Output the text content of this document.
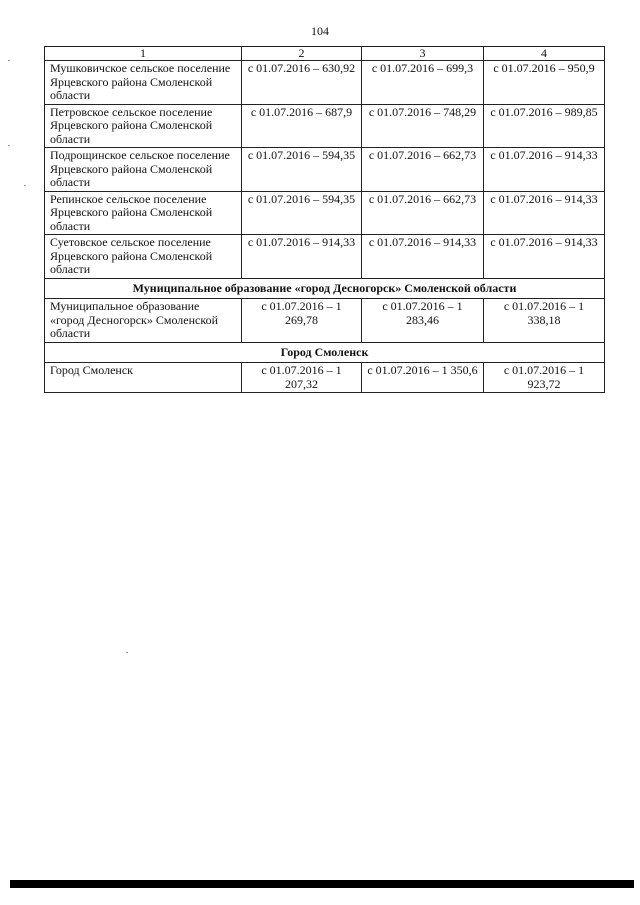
104
1	2	3	4
Мушковичское сельское поселение Ярцевского района Смоленской области	с 01.07.2016 – 630,92	с 01.07.2016 – 699,3	с 01.07.2016 – 950,9
Петровское сельское поселение Ярцевского района Смоленской области	с 01.07.2016 – 687,9	с 01.07.2016 – 748,29	с 01.07.2016 – 989,85
Подрощинское сельское поселение Ярцевского района Смоленской области	с 01.07.2016 – 594,35	с 01.07.2016 – 662,73	с 01.07.2016 – 914,33
Репинское сельское поселение Ярцевского района Смоленской области	с 01.07.2016 – 594,35	с 01.07.2016 – 662,73	с 01.07.2016 – 914,33
Суетовское сельское поселение Ярцевского района Смоленской области	с 01.07.2016 – 914,33	с 01.07.2016 – 914,33	с 01.07.2016 – 914,33
Муниципальное образование «город Десногорск» Смоленской области			
Муниципальное образование «город Десногорск» Смоленской области	с 01.07.2016 – 1 269,78	с 01.07.2016 – 1 283,46	с 01.07.2016 – 1 338,18
Город Смоленск			
Город Смоленск	с 01.07.2016 – 1 207,32	с 01.07.2016 – 1 350,6	с 01.07.2016 – 1 923,72
